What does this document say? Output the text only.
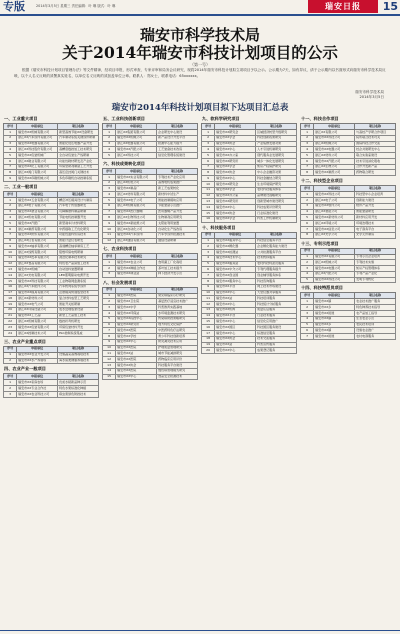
专版	2014年3月5日 星期三 责任编辑：叶 琳 版式：叶 琳	瑞安日报	15
瑞安市科学技术局
关于2014年瑞安市科技计划项目的公示
（第一号）
根据《瑞安市科技计划项目管理办法》等文件精神，经项目申报、形式审查、专家评审和局务会议研究，现将2014年瑞安市科技计划拟立项项目予以公示。公示期为7天，如有异议，请于公示期内以书面形式向瑞安市科学技术局反映，以个人名义反映的须署真实姓名，以单位名义反映的须加盖单位公章。联系人：郑女士，联系电话：65xxxxxx。
瑞安市科学技术局
2014年3月5日
瑞安市2014年科技计划项目拟下达项目汇总表
一、工业重大项目
序号	申报单位	项目名称
1	瑞安市XX机械有限公司	新型高效节能XX设备研发
2	浙江XX汽车部件有限公司	汽车制动系统关键部件研制
3	瑞安市XX电器有限公司	智能化低压电器产品开发
4	浙江XX科技股份有限公司	高精度数控加工技术研究
5	瑞安市XX包装机械厂	全自动包装生产线研制
6	浙江XX鞋业有限公司	功能性鞋材研发及产业化
7	瑞安市XX化工有限公司	环保型助剂制备工艺开发
8	浙江XX阀门有限公司	高压密封阀门关键技术
9	瑞安市XX印刷机械公司	多色印刷机自动控制系统
二、工业一般项目
序号	申报单位	项目名称
1	瑞安市XX五金有限公司	精密冲压模具设计与制造
2	浙江XX电子有限公司	汽车电子传感器研发
3	瑞安市XX塑业有限公司	可降解塑料制品研制
4	浙江XX机电有限公司	节能电机控制器开发
5	瑞安市XX汽配厂	新型刹车片材料研究
6	浙江XX制药有限公司	中药提取工艺优化研究
7	瑞安市XX纺织有限公司	功能性面料织造技术
8	浙江XX仪表有限公司	智能计量仪表研发
9	瑞安市XX轴承有限公司	高速精密轴承制造工艺
10	浙江XX线缆有限公司	阻燃环保电缆研制
11	瑞安市XX皮革有限公司	清洁化制革技术研究
12	浙江XX食品有限公司	特色农产品深加工技术
13	瑞安市XX机械厂	自动送料装置研制
14	浙江XX光电有限公司	LED照明驱动电源开发
15	瑞安市XX科技有限公司	工业物联网监测系统
16	浙江XX汽车配件公司	汽车转向系统零部件
17	瑞安市XX模具有限公司	注塑模具快速成型技术
18	浙江XX新材料公司	复合材料成型工艺研究
19	瑞安市XX电气公司	智能开关柜研制
20	浙江XX环保设备公司	废水处理成套设备
21	瑞安市XX工艺品厂	新型工艺品加工技术
22	浙江XX机械有限公司	数控折弯机研发
23	瑞安市XX包装有限公司	环保包装材料开发
24	浙江XX控制技术公司	PLC控制系统集成
三、农业产业重点项目
序号	申报单位	项目名称
1	瑞安市XX农业开发公司	设施蔬菜高效栽培技术
2	瑞安市XX水产养殖场	海水鱼类健康养殖技术
四、农业产业一般项目
序号	申报单位	项目名称
1	瑞安市XX家庭农场	优质水稻新品种示范
2	瑞安市XX专业合作社	特色水果标准化种植
3	瑞安市XX农业科技公司	病虫害绿色防控技术
五、工业科技创新项目
序号	申报单位	项目名称
1	浙江XX集团有限公司	企业研发中心建设
2	瑞安市XX机械公司	新产品设计开发平台
3	浙江XX电器有限公司	检测中心能力提升
4	瑞安市XX汽配公司	工艺装备技术改造
5	浙江XX科技公司	信息化管理系统建设
六、科技成果转化项目
序号	申报单位	项目名称
1	瑞安市XX实业有限公司	专利技术产业化应用
2	浙江XX机电公司	高效电机成果推广
3	瑞安市XX制品厂	新工艺成果转化
4	浙江XX材料有限公司	新材料中试生产
5	瑞安市XX电子公司	智能控制模块应用
6	浙江XX机械有限公司	节能装备示范推广
7	瑞安市XX医疗器械厂	医用器械产品开发
8	浙江XX生物科技公司	生物制剂应用研究
9	瑞安市XX新能源公司	太阳能利用装置
10	浙江XX自动化公司	自动化生产线改造
11	瑞安市XX汽车部件厂	汽车零部件检测技术
12	浙江XX通信有限公司	通信设备研制
七、农业科技项目
序号	申报单位	项目名称
1	瑞安市XX农业公司	食用菌工厂化栽培
2	瑞安市XX种植合作社	茶叶加工技术提升
3	瑞安市XX林业站	林下经济开发示范
八、社会发展项目
序号	申报单位	项目名称
1	瑞安市XX医院	常见病临床诊疗研究
2	瑞安市XX卫生院	基层医疗适宜技术推广
3	瑞安市XX中学	科普教育实践基地
4	瑞安市XX环保站	水环境监测技术研究
5	瑞安市XX疾控中心	传染病防控策略研究
6	瑞安市XX研究所	地方特色文化保护
7	瑞安市XX医院	中医药特色疗法研究
8	瑞安市XX学校	青少年科技创新培养
9	瑞安市XX中心	防灾减灾技术应用
10	瑞安市XX医院	护理质量管理研究
11	瑞安市XX站	城市节能减排研究
12	瑞安市XX医院	药物临床应用评价
13	瑞安市XX协会	科技服务平台建设
14	瑞安市XX医院	慢性病管理模式研究
15	瑞安市XX中心	食品安全检测技术
九、软科学研究项目
序号	申报单位	项目名称
1	瑞安市XX研究会	区域经济转型升级研究
2	瑞安市XX学会	科技创新政策研究
3	瑞安市XX协会	产业集群发展对策
4	瑞安市XX中心	人才引进机制研究
5	瑞安市XX办公室	现代服务业发展研究
6	瑞安市XX研究所	城乡一体化发展研究
7	瑞安市XX学会	知识产权保护研究
8	瑞安市XX协会	中小企业融资对策
9	瑞安市XX中心	科技金融结合研究
10	瑞安市XX研究会	生态环境保护研究
11	瑞安市XX学会	农村科技服务体系
12	瑞安市XX办公室	品牌建设战略研究
13	瑞安市XX研究所	创新型城市建设研究
14	瑞安市XX中心	科技成果评价研究
15	瑞安市XX协会	行业标准化建设
16	瑞安市XX学会	科普工作机制研究
十、科技服务项目
序号	申报单位	项目名称
1	瑞安市XX服务中心	科技信息服务平台
2	瑞安市XX孵化器	企业孵化服务能力建设
3	瑞安市XX检测站	公共检测服务平台
4	瑞安市XX技术中心	技术转移服务
5	瑞安市XX服务站	农村科技特派员服务
6	瑞安市XX中介公司	专利代理服务提升
7	瑞安市XX创业园	创业辅导服务体系
8	瑞安市XX服务中心	科技咨询服务
9	瑞安市XX平台	网上技术市场建设
10	瑞安市XX中心	大型仪器共享服务
11	瑞安市XX站	科技培训服务
12	瑞安市XX中心	科技统计分析服务
13	瑞安市XX机构	质量认证服务
14	瑞安市XX平台	行业技术服务
15	瑞安市XX中心	信息化应用推广
16	瑞安市XX园区	科技园区服务建设
17	瑞安市XX中心	标准信息服务
18	瑞安市XX协会	技术交流服务
19	瑞安市XX站	科普宣传服务
20	瑞安市XX中心	成果登记服务
十一、科技合作项目
序号	申报单位	项目名称
1	浙江XX有限公司	与高校产学研合作项目
2	瑞安市XX科技公司	院所联合技术攻关
3	浙江XX机械公司	国际科技合作交流
4	瑞安市XX电器公司	校企共建研发中心
5	浙江XX材料公司	联合实验室建设
6	瑞安市XX汽配公司	技术引进消化吸收
7	浙江XX生物公司	合作开发新产品
8	瑞安市XX制药公司	药物联合研发
十二、科技型企业项目
序号	申报单位	项目名称
1	瑞安市XX科技公司	科技型中小企业培育
2	浙江XX电子公司	创新能力建设
3	瑞安市XX软件公司	软件产品开发
4	浙江XX智能公司	智能装备研发
5	瑞安市XX新材料公司	新材料应用开发
6	浙江XX环境公司	环境治理技术
7	瑞安市XX信息公司	电子商务平台
8	浙江XX光学公司	光学元件制造
十三、专利示范项目
序号	申报单位	项目名称
1	瑞安市XX有限公司	专利示范企业培育
2	浙江XX机械公司	专利技术实施
3	瑞安市XX电器公司	知识产权管理体系
4	浙江XX汽配公司	专利产品产业化
5	瑞安市XX科技公司	发明专利转化
十四、科技特派员项目
序号	申报单位	项目名称
1	瑞安市XX镇	农业技术推广服务
2	瑞安市XX乡	特色种养技术指导
3	瑞安市XX街道	农产品加工指导
4	瑞安市XX镇	生态农业示范
5	瑞安市XX乡	农民技术培训
6	瑞安市XX镇	设施农业推广
7	瑞安市XX街道	农村电商服务
